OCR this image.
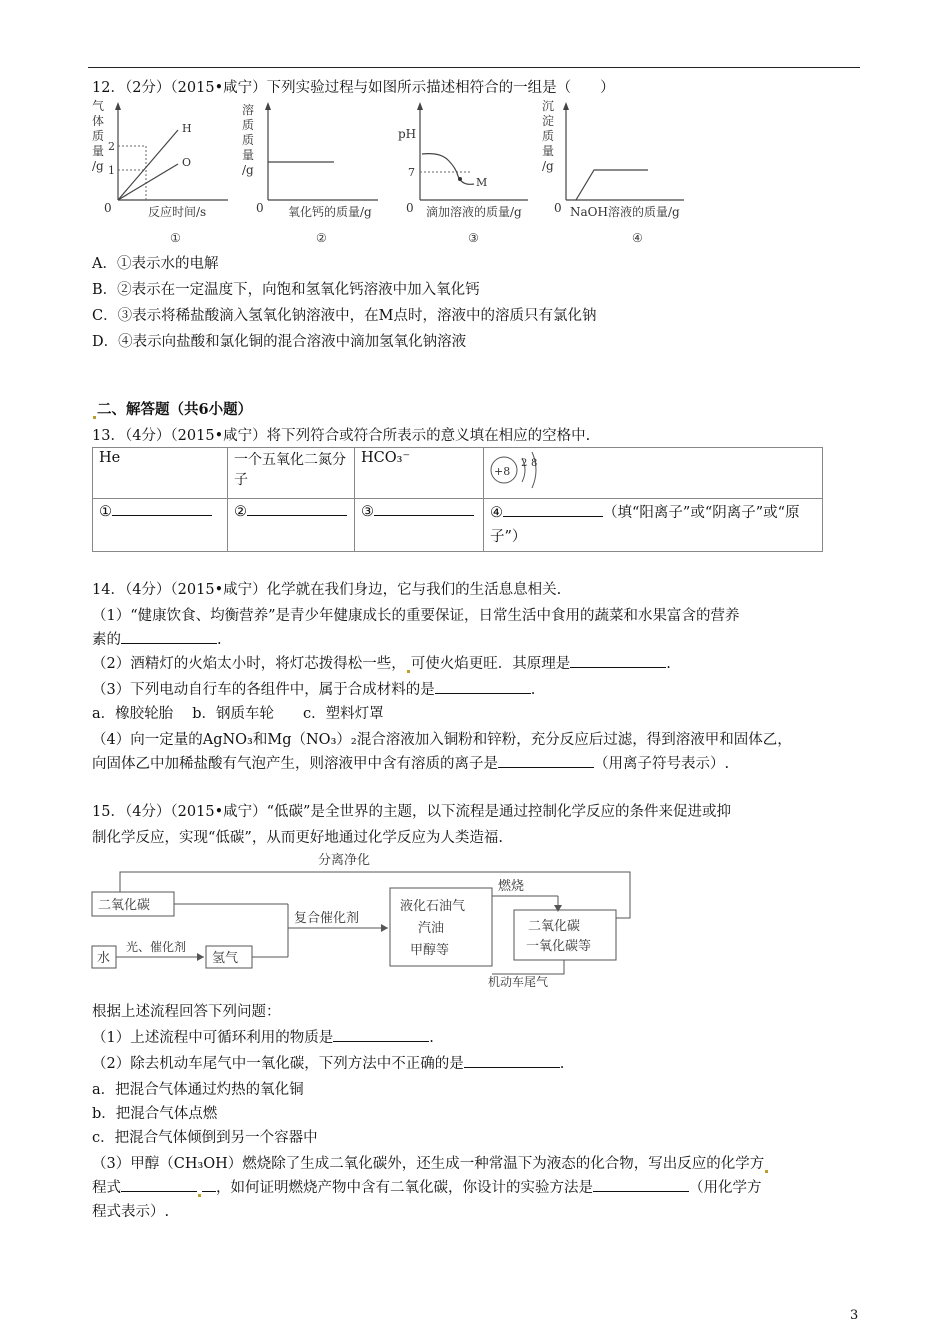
12．（2分）（2015•咸宁）下列实验过程与如图所示描述相符合的一组是（　　）
气
体
质
量
/g
2
1
H
O
0	反应时间/s
①
溶
质
质
量
/g
0 氧化钙的质量/g
②
pH
7
M
0 滴加溶液的质量/g
③
沉
淀
质
量
/g
0 NaOH溶液的质量/g
④
A．①表示水的电解
B．②表示在一定温度下，向饱和氢氧化钙溶液中加入氧化钙
C．③表示将稀盐酸滴入氢氧化钠溶液中，在M点时，溶液中的溶质只有氯化钠
D．④表示向盐酸和氯化铜的混合溶液中滴加氢氧化钠溶液
二、解答题（共6小题）
13．（4分）（2015•咸宁）将下列符合或符合所表示的意义填在相应的空格中.
He	一个五氧化二氮分子	HCO₃⁻	+8
2 8

①	②	③	④ （填“阳离子”或“阴离子”或“原子”）
14．（4分）（2015•咸宁）化学就在我们身边，它与我们的生活息息相关.
（1）“健康饮食、均衡营养”是青少年健康成长的重要保证，日常生活中食用的蔬菜和水果富含的营养
素的	.
（2）酒精灯的火焰太小时，将灯芯拨得松一些， 可使火焰更旺．其原理是	.
（3）下列电动自行车的各组件中，属于合成材料的是	.
a．橡胶轮胎　 b．钢质车轮　　c．塑料灯罩
（4）向一定量的AgNO₃和Mg（NO₃）₂混合溶液加入铜粉和锌粉，充分反应后过滤，得到溶液甲和固体乙，
向固体乙中加稀盐酸有气泡产生，则溶液甲中含有溶质的离子是	（用离子符号表示）.
15．（4分）（2015•咸宁）“低碳”是全世界的主题，以下流程是通过控制化学反应的条件来促进或抑
制化学反应，实现“低碳”，从而更好地通过化学反应为人类造福.
分离净化
二氧化碳
水
光、催化剂
氢气
复合催化剂
液化石油气
汽油
甲醇等
燃烧
二氧化碳
一氧化碳等
机动车尾气
根据上述流程回答下列问题：
（1）上述流程中可循环利用的物质是	.
（2）除去机动车尾气中一氧化碳，下列方法中不正确的是	.
a．把混合气体通过灼热的氧化铜
b．把混合气体点燃
c．把混合气体倾倒到另一个容器中
（3）甲醇（CH₃OH）燃烧除了生成二氧化碳外，还生成一种常温下为液态的化合物，写出反应的化学方
程式	，如何证明燃烧产物中含有二氧化碳，你设计的实验方法是	（用化学方
程式表示）.
3
